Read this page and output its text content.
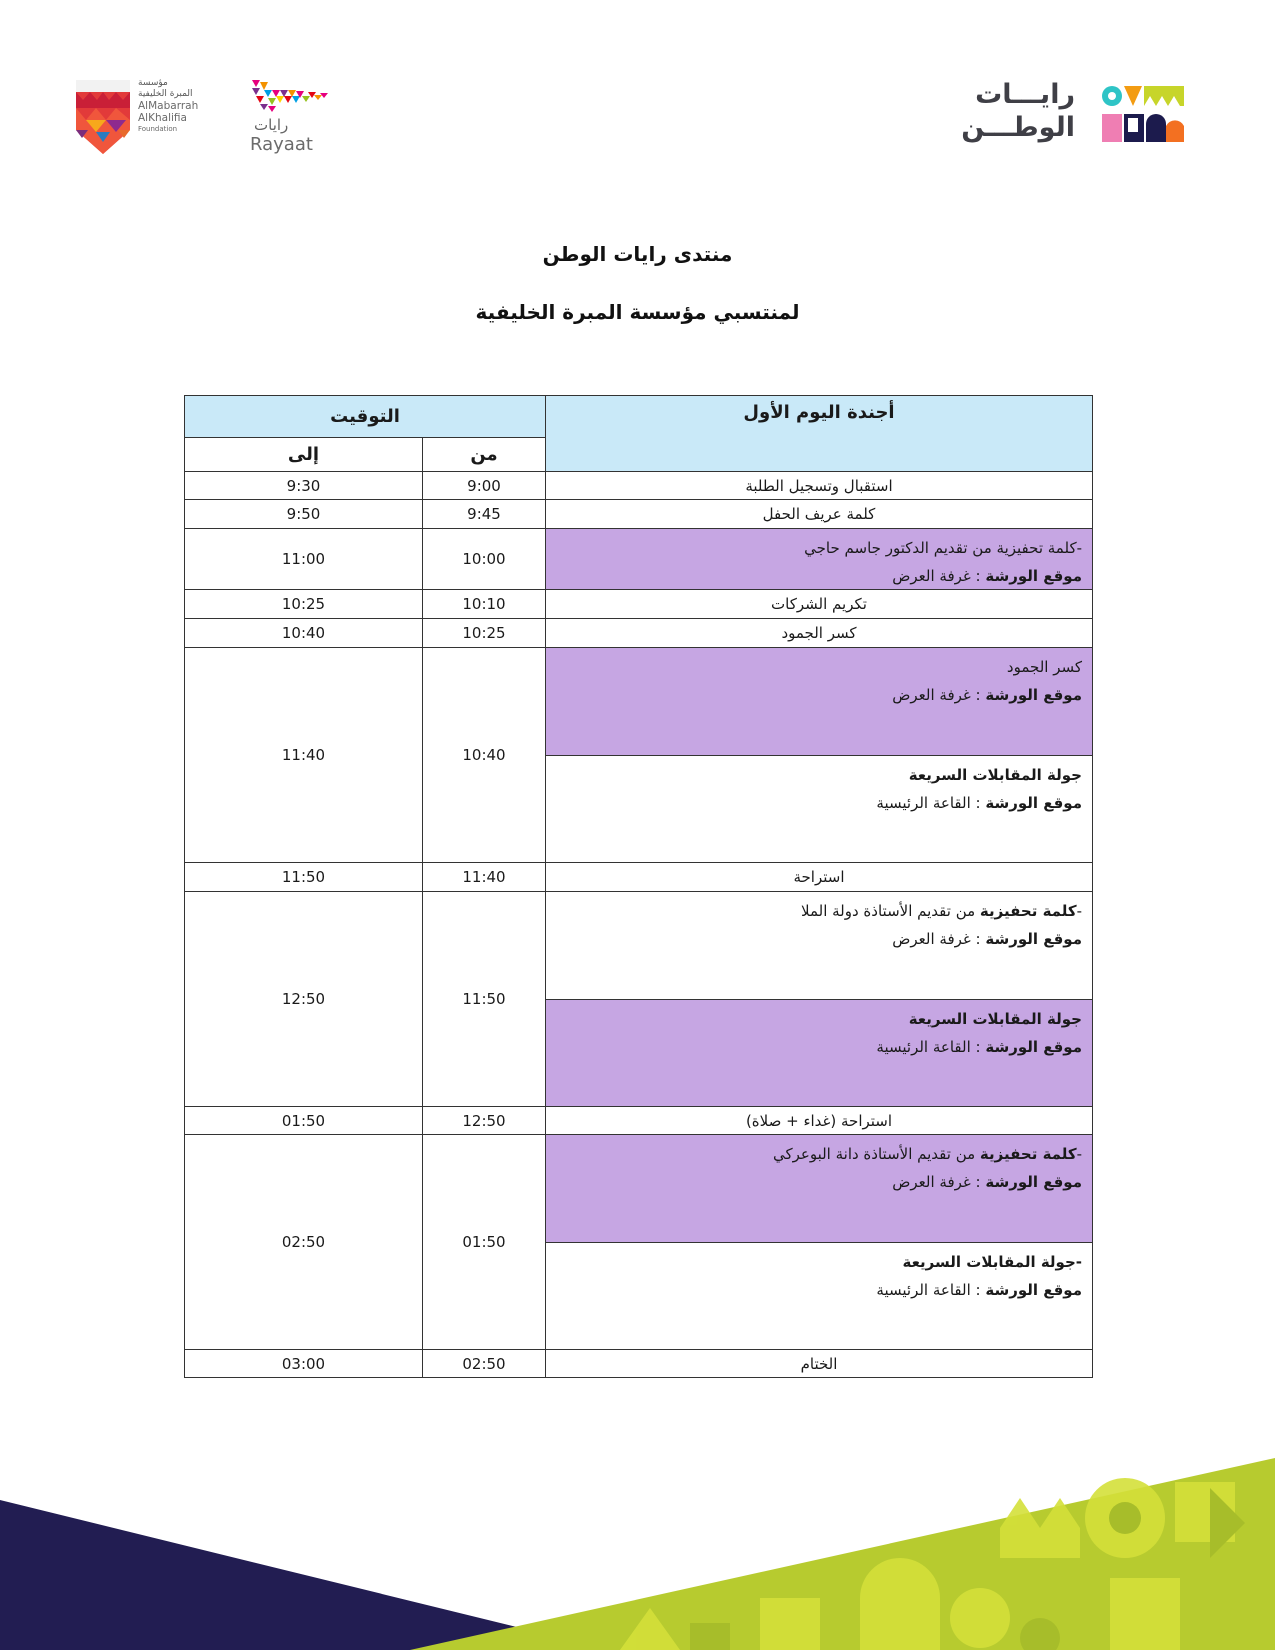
مؤسسة
المبرة الخليفية
AlMabarrah
AlKhalifia
Foundation	رايات
Rayaat
رايـــات
الوطـــن
منتدى رايات الوطن
لمنتسبي مؤسسة المبرة الخليفية
التوقيت		أجندة اليوم الأول
إلى	من	
9:30	9:00	استقبال وتسجيل الطلبة
9:50	9:45	كلمة عريف الحفل
11:00	10:00	-كلمة تحفيزية من تقديم الدكتور جاسم حاجي
موقع الورشة : غرفة العرض

10:25	10:10	تكريم الشركات
10:40	10:25	كسر الجمود
11:40	10:40	كسر الجمود
موقع الورشة : غرفة العرض
جولة المقابلات السريعة
موقع الورشة : القاعة الرئيسية

11:50	11:40	استراحة
12:50	11:50	-كلمة تحفيزية من تقديم الأستاذة دولة الملا
موقع الورشة : غرفة العرض
جولة المقابلات السريعة
موقع الورشة : القاعة الرئيسية

01:50	12:50	استراحة (غداء + صلاة)
02:50	01:50	-كلمة تحفيزية من تقديم الأستاذة دانة البوعركي
موقع الورشة : غرفة العرض
-جولة المقابلات السريعة
موقع الورشة : القاعة الرئيسية

03:00	02:50	الختام
